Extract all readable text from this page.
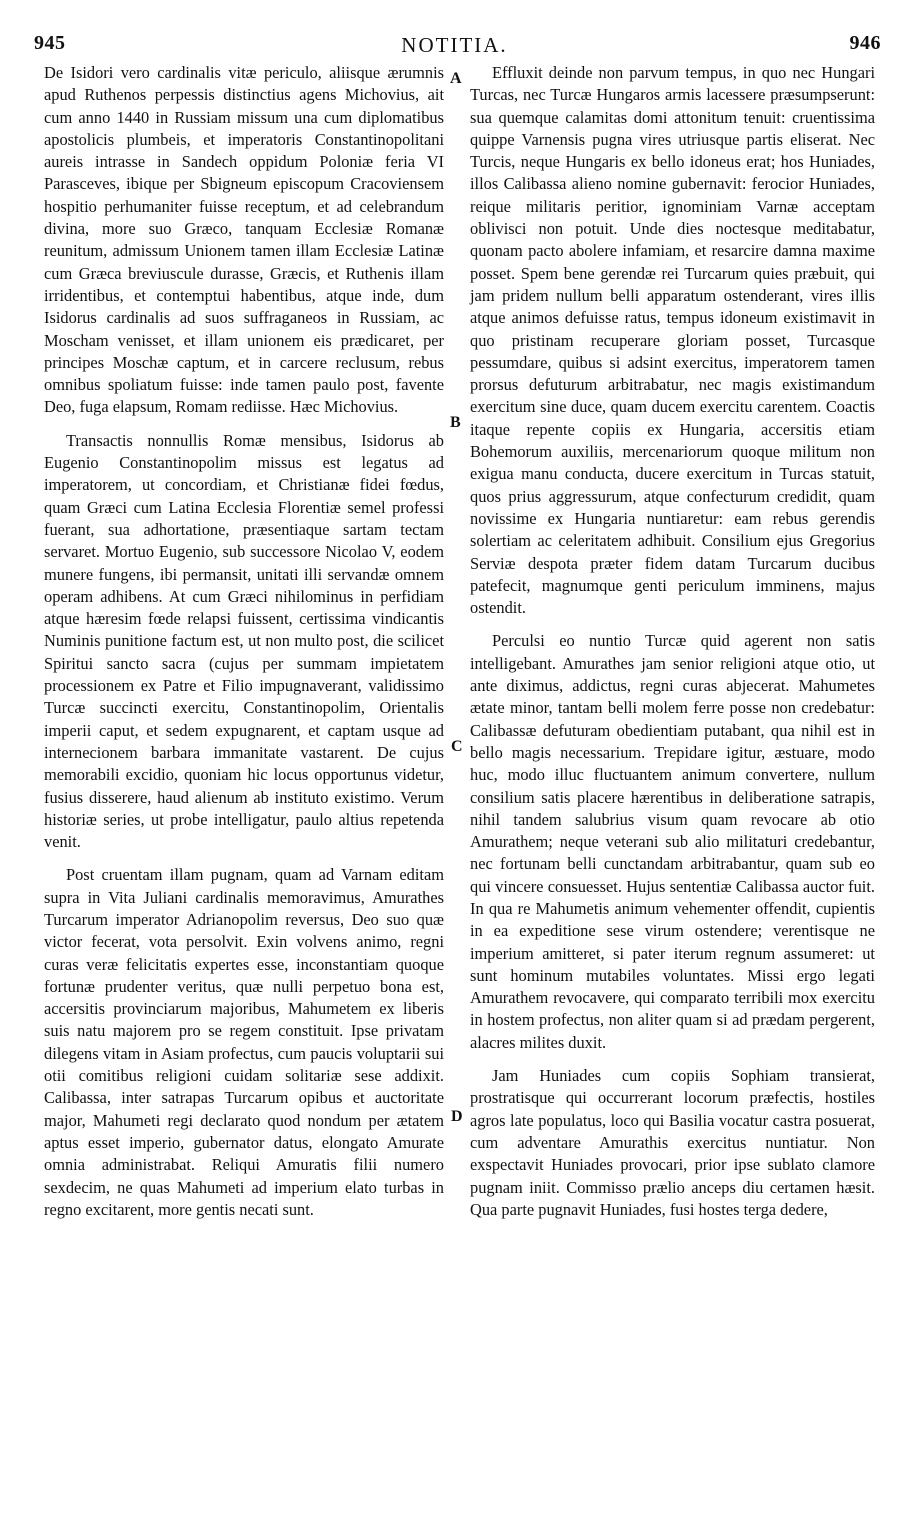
945	NOTITIA.	946
A
B
C
D

De Isidori vero cardinalis vitæ periculo, aliisque ærumnis apud Ruthenos perpessis distinctius agens Michovius, ait cum anno 1440 in Russiam missum una cum diplomatibus apostolicis plumbeis, et imperatoris Constantinopolitani aureis intrasse in Sandech oppidum Poloniæ feria VI Parasceves, ibique per Sbigneum episcopum Cracoviensem hospitio perhumaniter fuisse receptum, et ad celebrandum divina, more suo Græco, tanquam Ecclesiæ Romanæ reunitum, admissum Unionem tamen illam Ecclesiæ Latinæ cum Græca breviuscule durasse, Græcis, et Ruthenis illam irridentibus, et contemptui habentibus, atque inde, dum Isidorus cardinalis ad suos suffraganeos in Russiam, ac Moscham venisset, et illam unionem eis prædicaret, per principes Moschæ captum, et in carcere reclusum, rebus omnibus spoliatum fuisse: inde tamen paulo post, favente Deo, fuga elapsum, Romam rediisse. Hæc Michovius.

Transactis nonnullis Romæ mensibus, Isidorus ab Eugenio Constantinopolim missus est legatus ad imperatorem, ut concordiam, et Christianæ fidei fœdus, quam Græci cum Latina Ecclesia Florentiæ semel professi fuerant, sua adhortatione, præsentiaque sartam tectam servaret. Mortuo Eugenio, sub successore Nicolao V, eodem munere fungens, ibi permansit, unitati illi servandæ omnem operam adhibens. At cum Græci nihilominus in perfidiam atque hæresim fœde relapsi fuissent, certissima vindicantis Numinis punitione factum est, ut non multo post, die scilicet Spiritui sancto sacra (cujus per summam impietatem processionem ex Patre et Filio impugnaverant, validissimo Turcæ succincti exercitu, Constantinopolim, Orientalis imperii caput, et sedem expugnarent, et captam usque ad internecionem barbara immanitate vastarent. De cujus memorabili excidio, quoniam hic locus opportunus videtur, fusius disserere, haud alienum ab instituto existimo. Verum historiæ series, ut probe intelligatur, paulo altius repetenda venit.

Post cruentam illam pugnam, quam ad Varnam editam supra in Vita Juliani cardinalis memoravimus, Amurathes Turcarum imperator Adrianopolim reversus, Deo suo quæ victor fecerat, vota persolvit. Exin volvens animo, regni curas veræ felicitatis expertes esse, inconstantiam quoque fortunæ prudenter veritus, quæ nulli perpetuo bona est, accersitis provinciarum majoribus, Mahumetem ex liberis suis natu majorem pro se regem constituit. Ipse privatam dilegens vitam in Asiam profectus, cum paucis voluptarii sui otii comitibus religioni cuidam solitariæ sese addixit. Calibassa, inter satrapas Turcarum opibus et auctoritate major, Mahumeti regi declarato quod nondum per ætatem aptus esset imperio, gubernator datus, elongato Amurate omnia administrabat. Reliqui Amuratis filii numero sexdecim, ne quas Mahumeti ad imperium elato turbas in regno excitarent, more gentis necati sunt.

Effluxit deinde non parvum tempus, in quo nec Hungari Turcas, nec Turcæ Hungaros armis lacessere præsumpserunt: sua quemque calamitas domi attonitum tenuit: cruentissima quippe Varnensis pugna vires utriusque partis eliserat. Nec Turcis, neque Hungaris ex bello idoneus erat; hos Huniades, illos Calibassa alieno nomine gubernavit: ferocior Huniades, reique militaris peritior, ignominiam Varnæ acceptam oblivisci non potuit. Unde dies noctesque meditabatur, quonam pacto abolere infamiam, et resarcire damna maxime posset. Spem bene gerendæ rei Turcarum quies præbuit, qui jam pridem nullum belli apparatum ostenderant, vires illis atque animos defuisse ratus, tempus idoneum existimavit in quo pristinam recuperare gloriam posset, Turcasque pessumdare, quibus si adsint exercitus, imperatorem tamen prorsus defuturum arbitrabatur, nec magis existimandum exercitum sine duce, quam ducem exercitu carentem. Coactis itaque repente copiis ex Hungaria, accersitis etiam Bohemorum auxiliis, mercenariorum quoque militum non exigua manu conducta, ducere exercitum in Turcas statuit, quos prius aggressurum, atque confecturum credidit, quam novissime ex Hungaria nuntiaretur: eam rebus gerendis solertiam ac celeritatem adhibuit. Consilium ejus Gregorius Serviæ despota præter fidem datam Turcarum ducibus patefecit, magnumque genti periculum imminens, majus ostendit.

Perculsi eo nuntio Turcæ quid agerent non satis intelligebant. Amurathes jam senior religioni atque otio, ut ante diximus, addictus, regni curas abjecerat. Mahumetes ætate minor, tantam belli molem ferre posse non credebatur: Calibassæ defuturam obedientiam putabant, qua nihil est in bello magis necessarium. Trepidare igitur, æstuare, modo huc, modo illuc fluctuantem animum convertere, nullum consilium satis placere hærentibus in deliberatione satrapis, nihil tandem salubrius visum quam revocare ab otio Amurathem; neque veterani sub alio militaturi credebantur, nec fortunam belli cunctandam arbitrabantur, quam sub eo qui vincere consuesset. Hujus sententiæ Calibassa auctor fuit. In qua re Mahumetis animum vehementer offendit, cupientis in ea expeditione sese virum ostendere; verentisque ne imperium amitteret, si pater iterum regnum assumeret: ut sunt hominum mutabiles voluntates. Missi ergo legati Amurathem revocavere, qui comparato terribili mox exercitu in hostem profectus, non aliter quam si ad prædam pergerent, alacres milites duxit.

Jam Huniades cum copiis Sophiam transierat, prostratisque qui occurrerant locorum præfectis, hostiles agros late populatus, loco qui Basilia vocatur castra posuerat, cum adventare Amurathis exercitus nuntiatur. Non exspectavit Huniades provocari, prior ipse sublato clamore pugnam iniit. Commisso prælio anceps diu certamen hæsit. Qua parte pugnavit Huniades, fusi hostes terga dedere,
